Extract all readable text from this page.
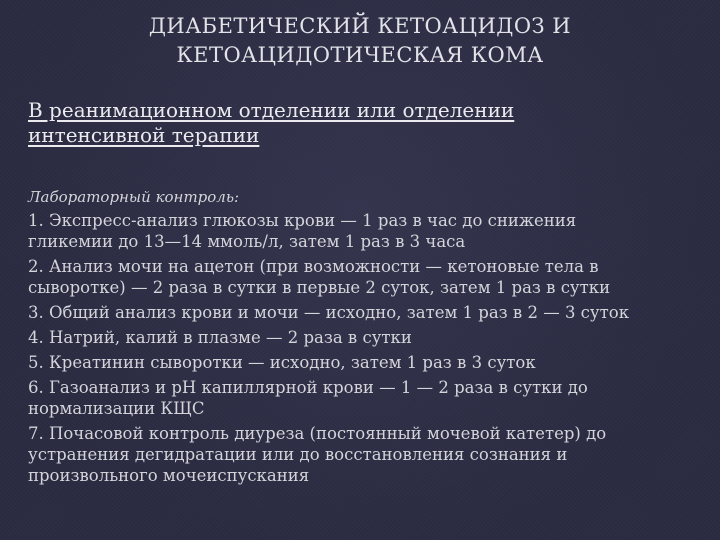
ДИАБЕТИЧЕСКИЙ КЕТОАЦИДОЗ И
КЕТОАЦИДОТИЧЕСКАЯ КОМА
В реанимационном отделении или отделении
интенсивной терапии
Лабораторный контроль:
1. Экспресс-анализ глюкозы крови — 1 раз в час до снижения
гликемии до 13—14 ммоль/л, затем 1 раз в 3 часа
2. Анализ мочи на ацетон (при возможности — кетоновые тела в
сыворотке) — 2 раза в сутки в первые 2 суток, затем 1 раз в сутки
3. Общий анализ крови и мочи — исходно, затем 1 раз в 2 — 3 суток
4. Натрий, калий в плазме — 2 раза в сутки
5. Креатинин сыворотки — исходно, затем 1 раз в 3 суток
6. Газоанализ и pH капиллярной крови — 1 — 2 раза в сутки до
нормализации КЩС
7. Почасовой контроль диуреза (постоянный мочевой катетер) до
устранения дегидратации или до восстановления сознания и
произвольного мочеиспускания
